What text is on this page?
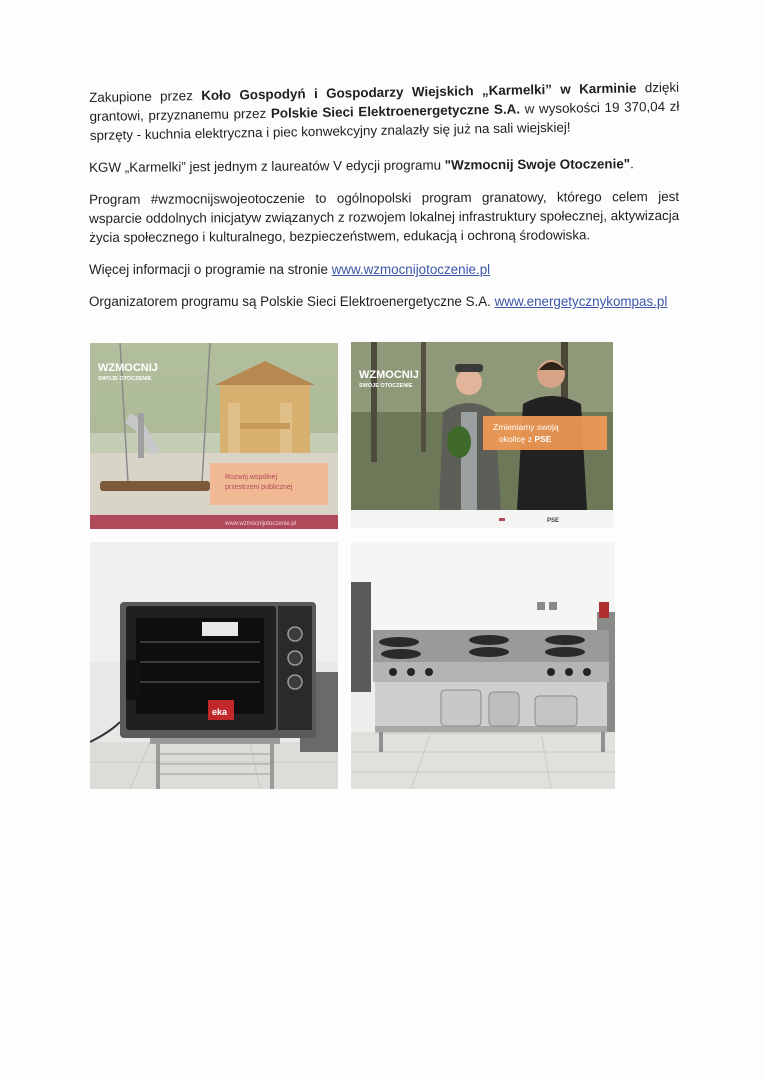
Zakupione przez Koło Gospodyń i Gospodarzy Wiejskich „Karmelki” w Karminie dzięki grantowi, przyznanemu przez Polskie Sieci Elektroenergetyczne S.A. w wysokości 19 370,04 zł sprzęty - kuchnia elektryczna i piec konwekcyjny znalazły się już na sali wiejskiej!

KGW „Karmelki” jest jednym z laureatów V edycji programu "Wzmocnij Swoje Otoczenie".

Program #wzmocnijswojeotoczenie to ogólnopolski program granatowy, którego celem jest wsparcie oddolnych inicjatyw związanych z rozwojem lokalnej infrastruktury społecznej, aktywizacja życia społecznego i kulturalnego, bezpieczeństwem, edukacją i ochroną środowiska.

Więcej informacji o programie na stronie www.wzmocnijotoczenie.pl

Organizatorem programu są Polskie Sieci Elektroenergetyczne S.A. www.energetycznykompas.pl

WZMOCNIJ
SWOJE OTOCZENIE
Rozwój wspólnej
przestrzeni publicznej
www.wzmocnijotoczenie.pl
WZMOCNIJ
SWOJE OTOCZENIE
Zmieniamy swoją
okolicę z PSE
PSE
eka
